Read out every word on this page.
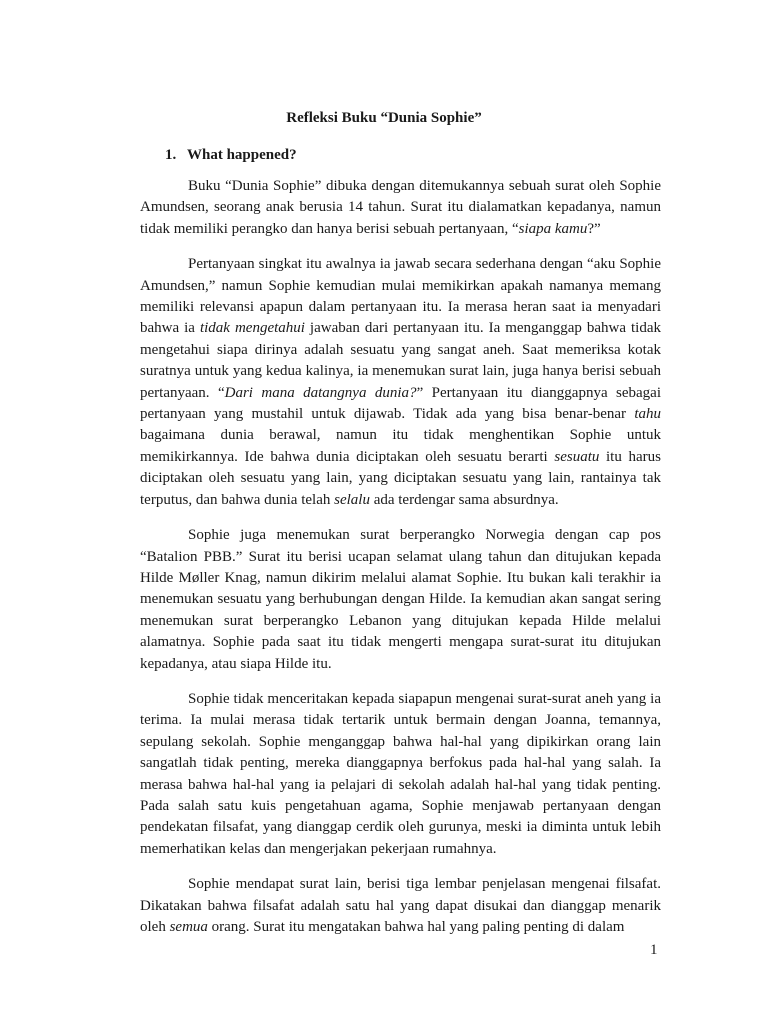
Refleksi Buku “Dunia Sophie”
1. What happened?

Buku “Dunia Sophie” dibuka dengan ditemukannya sebuah surat oleh Sophie Amundsen, seorang anak berusia 14 tahun. Surat itu dialamatkan kepadanya, namun tidak memiliki perangko dan hanya berisi sebuah pertanyaan, “siapa kamu?”

Pertanyaan singkat itu awalnya ia jawab secara sederhana dengan “aku Sophie Amundsen,” namun Sophie kemudian mulai memikirkan apakah namanya memang memiliki relevansi apapun dalam pertanyaan itu. Ia merasa heran saat ia menyadari bahwa ia tidak mengetahui jawaban dari pertanyaan itu. Ia menganggap bahwa tidak mengetahui siapa dirinya adalah sesuatu yang sangat aneh. Saat memeriksa kotak suratnya untuk yang kedua kalinya, ia menemukan surat lain, juga hanya berisi sebuah pertanyaan. “Dari mana datangnya dunia?” Pertanyaan itu dianggapnya sebagai pertanyaan yang mustahil untuk dijawab. Tidak ada yang bisa benar-benar tahu bagaimana dunia berawal, namun itu tidak menghentikan Sophie untuk memikirkannya. Ide bahwa dunia diciptakan oleh sesuatu berarti sesuatu itu harus diciptakan oleh sesuatu yang lain, yang diciptakan sesuatu yang lain, rantainya tak terputus, dan bahwa dunia telah selalu ada terdengar sama absurdnya.

Sophie juga menemukan surat berperangko Norwegia dengan cap pos “Batalion PBB.” Surat itu berisi ucapan selamat ulang tahun dan ditujukan kepada Hilde Møller Knag, namun dikirim melalui alamat Sophie. Itu bukan kali terakhir ia menemukan sesuatu yang berhubungan dengan Hilde. Ia kemudian akan sangat sering menemukan surat berperangko Lebanon yang ditujukan kepada Hilde melalui alamatnya. Sophie pada saat itu tidak mengerti mengapa surat-surat itu ditujukan kepadanya, atau siapa Hilde itu.

Sophie tidak menceritakan kepada siapapun mengenai surat-surat aneh yang ia terima. Ia mulai merasa tidak tertarik untuk bermain dengan Joanna, temannya, sepulang sekolah. Sophie menganggap bahwa hal-hal yang dipikirkan orang lain sangatlah tidak penting, mereka dianggapnya berfokus pada hal-hal yang salah. Ia merasa bahwa hal-hal yang ia pelajari di sekolah adalah hal-hal yang tidak penting. Pada salah satu kuis pengetahuan agama, Sophie menjawab pertanyaan dengan pendekatan filsafat, yang dianggap cerdik oleh gurunya, meski ia diminta untuk lebih memerhatikan kelas dan mengerjakan pekerjaan rumahnya.

Sophie mendapat surat lain, berisi tiga lembar penjelasan mengenai filsafat. Dikatakan bahwa filsafat adalah satu hal yang dapat disukai dan dianggap menarik oleh semua orang. Surat itu mengatakan bahwa hal yang paling penting di dalam

1
